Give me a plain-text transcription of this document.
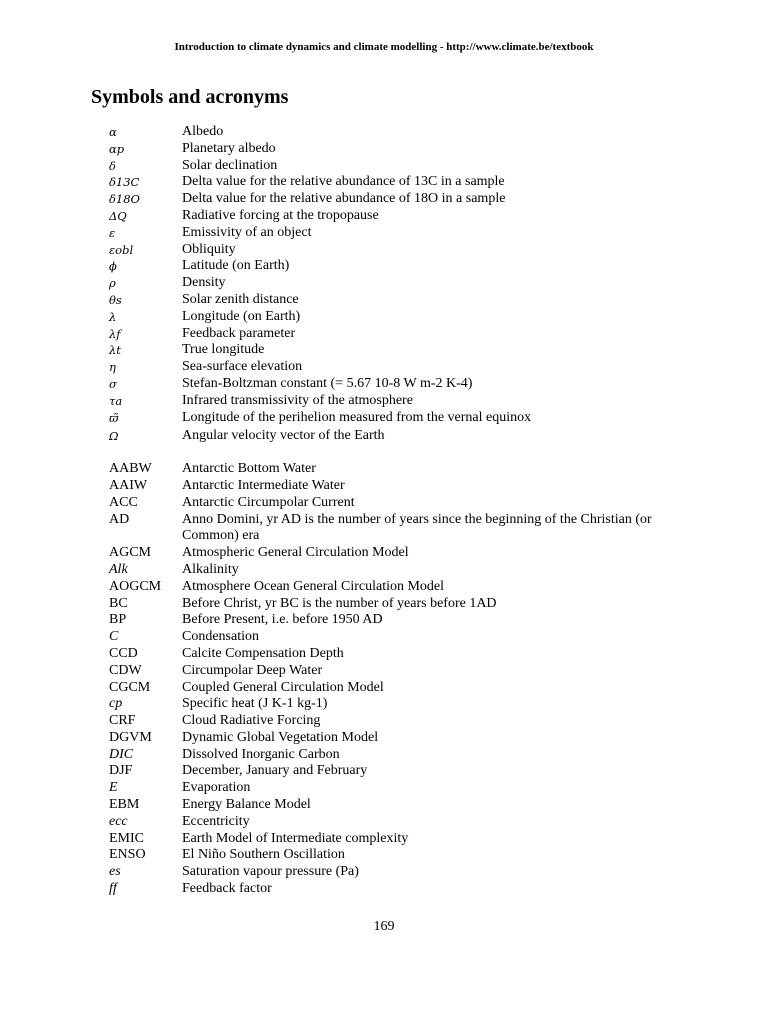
Introduction to climate dynamics and climate modelling - http://www.climate.be/textbook
Symbols and acronyms
α	Albedo
αp	Planetary albedo
δ	Solar declination
δ13C	Delta value for the relative abundance of 13C in a sample
δ18O	Delta value for the relative abundance of 18O in a sample
ΔQ	Radiative forcing at the tropopause
ε	Emissivity of an object
εobl	Obliquity
ϕ	Latitude (on Earth)
ρ	Density
θs	Solar zenith distance
λ	Longitude (on Earth)
λf	Feedback parameter
λt	True longitude
η	Sea-surface elevation
σ	Stefan-Boltzman constant (= 5.67 10-8 W m-2 K-4)
τa	Infrared transmissivity of the atmosphere
ϖ̃	Longitude of the perihelion measured from the vernal equinox
Ω	Angular velocity vector of the Earth
AABW	Antarctic Bottom Water
AAIW	Antarctic Intermediate Water
ACC	Antarctic Circumpolar Current
AD	Anno Domini, yr AD is the number of years since the beginning of the Christian (or Common) era
AGCM	Atmospheric General Circulation Model
Alk	Alkalinity
AOGCM	Atmosphere Ocean General Circulation Model
BC	Before Christ, yr BC is the number of years before 1AD
BP	Before Present, i.e. before 1950 AD
C	Condensation
CCD	Calcite Compensation Depth
CDW	Circumpolar Deep Water
CGCM	Coupled General Circulation Model
cp	Specific heat (J K-1 kg-1)
CRF	Cloud Radiative Forcing
DGVM	Dynamic Global Vegetation Model
DIC	Dissolved Inorganic Carbon
DJF	December, January and February
E	Evaporation
EBM	Energy Balance Model
ecc	Eccentricity
EMIC	Earth Model of Intermediate complexity
ENSO	El Niño Southern Oscillation
es	Saturation vapour pressure (Pa)
ff	Feedback factor
169
